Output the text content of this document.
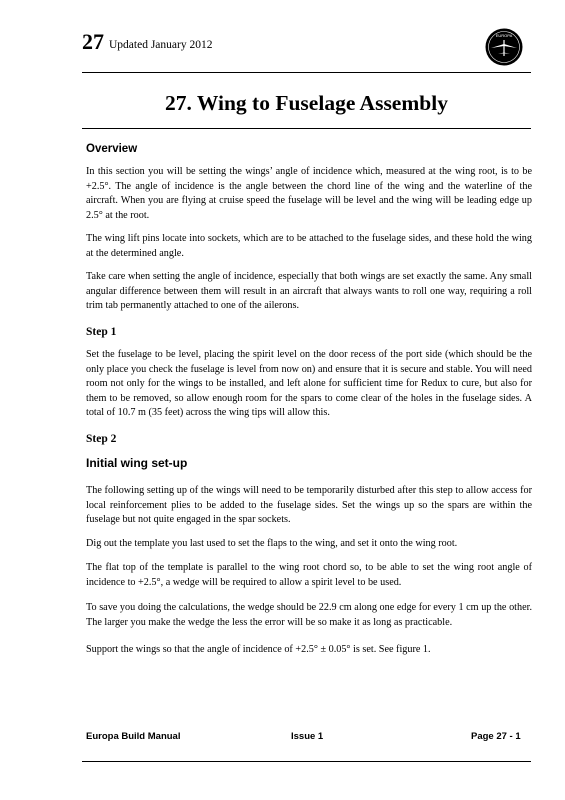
27 Updated January 2012
EUROPA
27. Wing to Fuselage Assembly
Overview
In this section you will be setting the wings’ angle of incidence which, measured at the wing root, is to be +2.5°. The angle of incidence is the angle between the chord line of the wing and the waterline of the aircraft. When you are flying at cruise speed the fuselage will be level and the wing will be leading edge up 2.5° at the root.
The wing lift pins locate into sockets, which are to be attached to the fuselage sides, and these hold the wing at the determined angle.
Take care when setting the angle of incidence, especially that both wings are set exactly the same. Any small angular difference between them will result in an aircraft that always wants to roll one way, requiring a roll trim tab permanently attached to one of the ailerons.
Step 1
Set the fuselage to be level, placing the spirit level on the door recess of the port side (which should be the only place you check the fuselage is level from now on) and ensure that it is secure and stable. You will need room not only for the wings to be installed, and left alone for sufficient time for Redux to cure, but also for them to be removed, so allow enough room for the spars to come clear of the holes in the fuselage sides. A total of 10.7 m (35 feet) across the wing tips will allow this.
Step 2
Initial wing set-up
The following setting up of the wings will need to be temporarily disturbed after this step to allow access for local reinforcement plies to be added to the fuselage sides. Set the wings up so the spars are within the fuselage but not quite engaged in the spar sockets.
Dig out the template you last used to set the flaps to the wing, and set it onto the wing root.
The flat top of the template is parallel to the wing root chord so, to be able to set the wing root angle of incidence to +2.5°, a wedge will be required to allow a spirit level to be used.
To save you doing the calculations, the wedge should be 22.9 cm along one edge for every 1 cm up the other. The larger you make the wedge the less the error will be so make it as long as practicable.
Support the wings so that the angle of incidence of +2.5° ± 0.05° is set. See figure 1.
Europa Build Manual	Issue 1	Page 27 - 1
